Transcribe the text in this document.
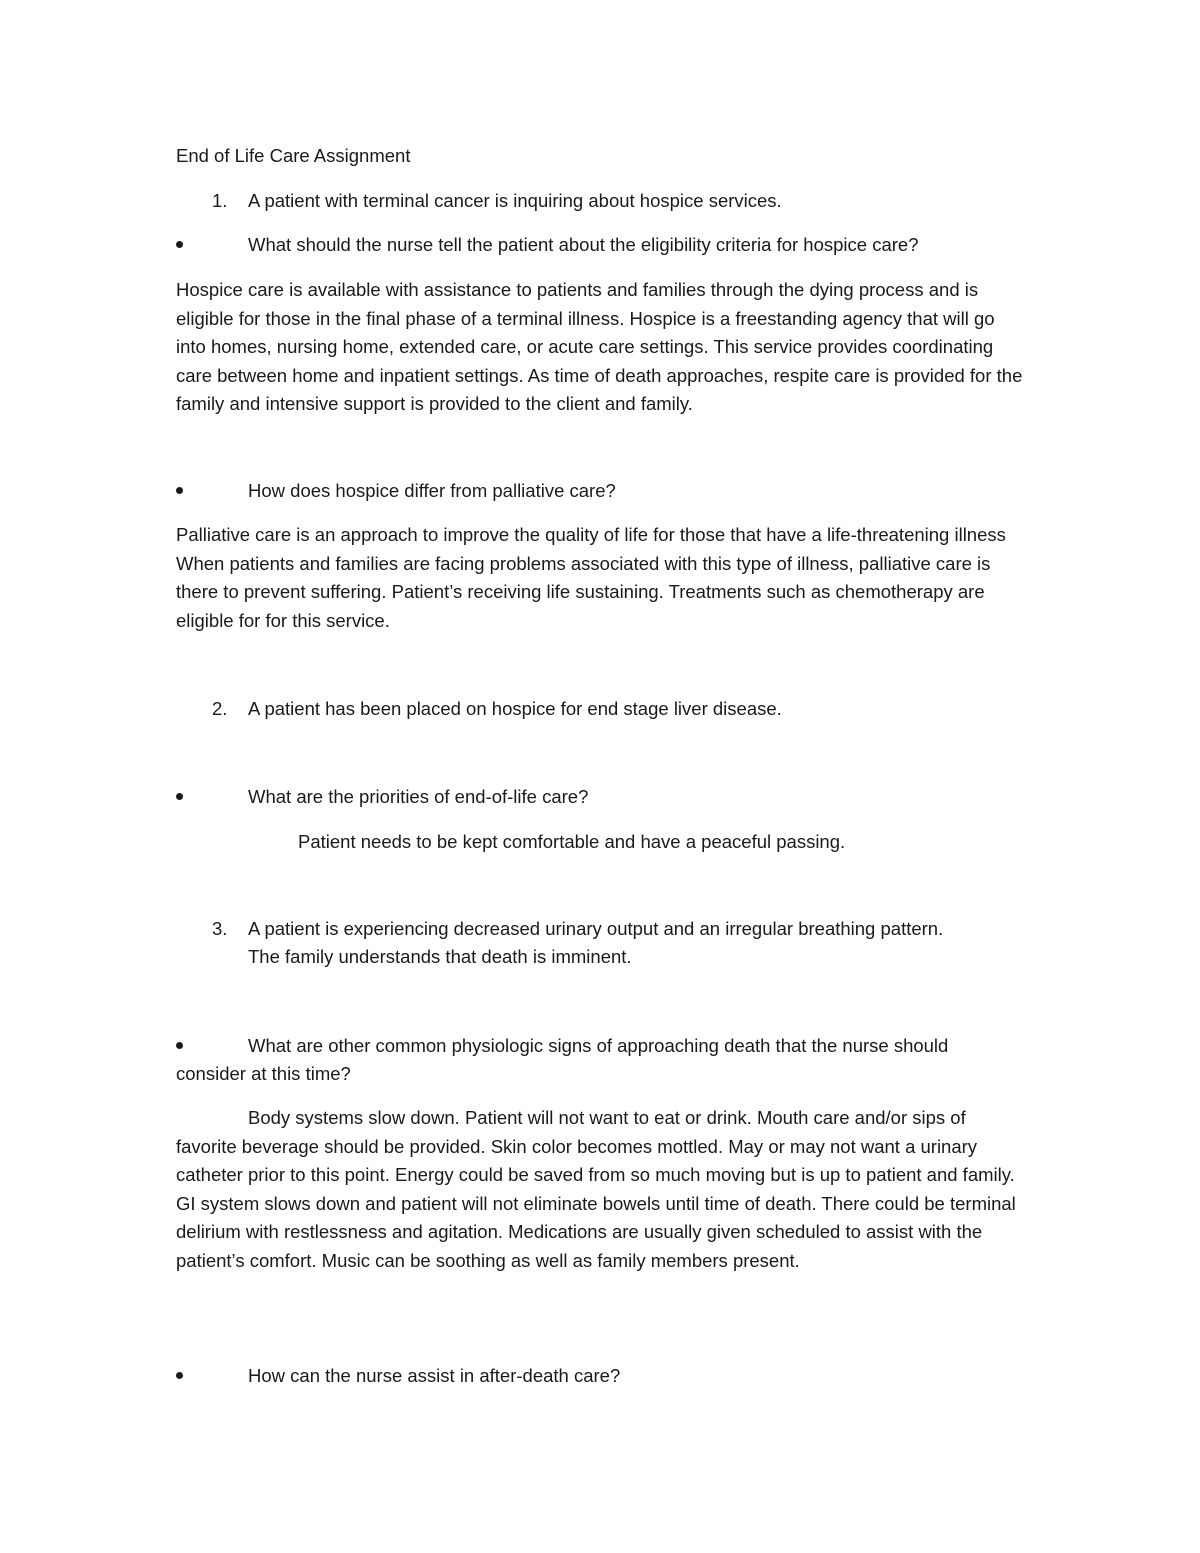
End of Life Care Assignment
1. A patient with terminal cancer is inquiring about hospice services.
What should the nurse tell the patient about the eligibility criteria for hospice care?
Hospice care is available with assistance to patients and families through the dying process and is eligible for those in the final phase of a terminal illness. Hospice is a freestanding agency that will go into homes, nursing home, extended care, or acute care settings. This service provides coordinating care between home and inpatient settings. As time of death approaches, respite care is provided for the family and intensive support is provided to the client and family.
How does hospice differ from palliative care?
Palliative care is an approach to improve the quality of life for those that have a life-threatening illness When patients and families are facing problems associated with this type of illness, palliative care is there to prevent suffering. Patient’s receiving life sustaining. Treatments such as chemotherapy are eligible for for this service.
2. A patient has been placed on hospice for end stage liver disease.
What are the priorities of end-of-life care?
Patient needs to be kept comfortable and have a peaceful passing.
3. A patient is experiencing decreased urinary output and an irregular breathing pattern.
The family understands that death is imminent.
What are other common physiologic signs of approaching death that the nurse should
consider at this time?
Body systems slow down. Patient will not want to eat or drink. Mouth care and/or sips of favorite beverage should be provided. Skin color becomes mottled. May or may not want a urinary catheter prior to this point. Energy could be saved from so much moving but is up to patient and family. GI system slows down and patient will not eliminate bowels until time of death. There could be terminal delirium with restlessness and agitation. Medications are usually given scheduled to assist with the patient’s comfort. Music can be soothing as well as family members present.
How can the nurse assist in after-death care?
